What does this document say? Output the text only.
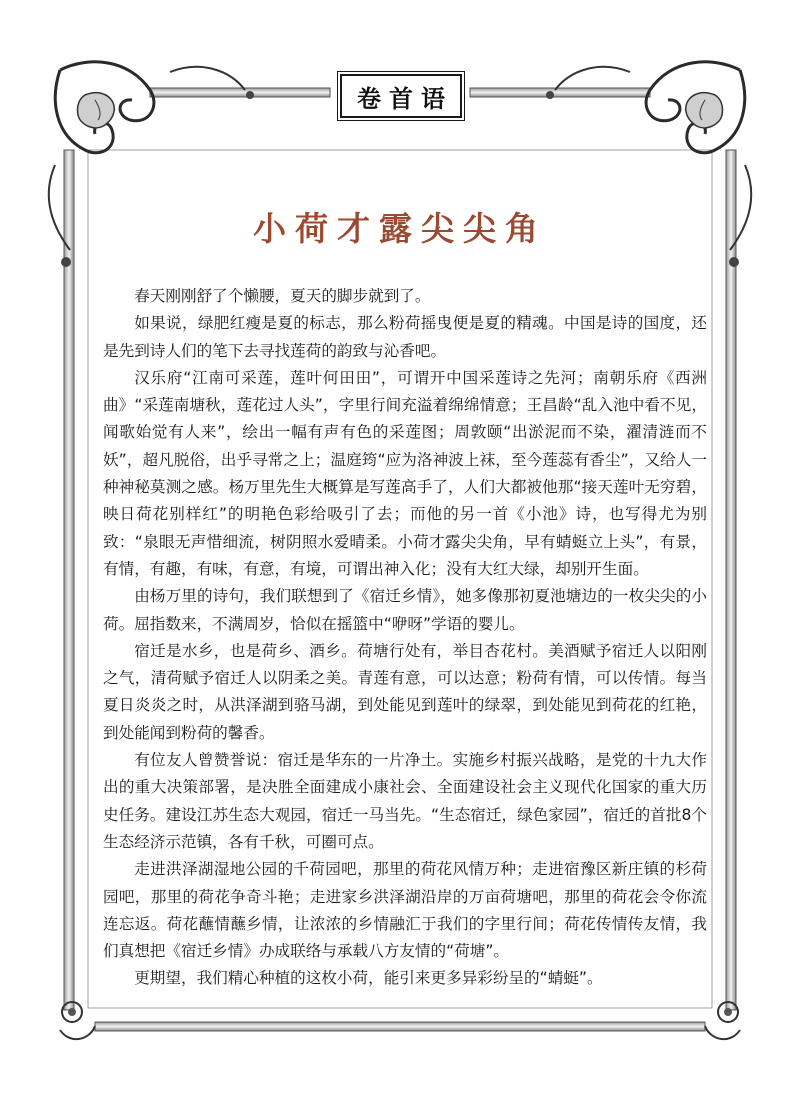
卷首语
小荷才露尖尖角

春天刚刚舒了个懒腰，夏天的脚步就到了。

如果说，绿肥红瘦是夏的标志，那么粉荷摇曳便是夏的精魂。中国是诗的国度，还是先到诗人们的笔下去寻找莲荷的韵致与沁香吧。

汉乐府“江南可采莲，莲叶何田田”，可谓开中国采莲诗之先河；南朝乐府《西洲曲》“采莲南塘秋，莲花过人头”，字里行间充溢着绵绵情意；王昌龄“乱入池中看不见，闻歌始觉有人来”，绘出一幅有声有色的采莲图；周敦颐“出淤泥而不染，濯清涟而不妖”，超凡脱俗，出乎寻常之上；温庭筠“应为洛神波上袜，至今莲蕊有香尘”，又给人一种神秘莫测之感。杨万里先生大概算是写莲高手了，人们大都被他那“接天莲叶无穷碧，映日荷花别样红”的明艳色彩给吸引了去；而他的另一首《小池》诗，也写得尤为别致：“泉眼无声惜细流，树阴照水爱晴柔。小荷才露尖尖角，早有蜻蜓立上头”，有景，有情，有趣，有味，有意，有境，可谓出神入化；没有大红大绿，却别开生面。

由杨万里的诗句，我们联想到了《宿迁乡情》，她多像那初夏池塘边的一枚尖尖的小荷。屈指数来，不满周岁，恰似在摇篮中“咿呀”学语的婴儿。

宿迁是水乡，也是荷乡、酒乡。荷塘行处有，举目杏花村。美酒赋予宿迁人以阳刚之气，清荷赋予宿迁人以阴柔之美。青莲有意，可以达意；粉荷有情，可以传情。每当夏日炎炎之时，从洪泽湖到骆马湖，到处能见到莲叶的绿翠，到处能见到荷花的红艳，到处能闻到粉荷的馨香。

有位友人曾赞誉说：宿迁是华东的一片净土。实施乡村振兴战略，是党的十九大作出的重大决策部署，是决胜全面建成小康社会、全面建设社会主义现代化国家的重大历史任务。建设江苏生态大观园，宿迁一马当先。“生态宿迁，绿色家园”，宿迁的首批8个生态经济示范镇，各有千秋，可圈可点。

走进洪泽湖湿地公园的千荷园吧，那里的荷花风情万种；走进宿豫区新庄镇的杉荷园吧，那里的荷花争奇斗艳；走进家乡洪泽湖沿岸的万亩荷塘吧，那里的荷花会令你流连忘返。荷花蘸情蘸乡情，让浓浓的乡情融汇于我们的字里行间；荷花传情传友情，我们真想把《宿迁乡情》办成联络与承载八方友情的“荷塘”。

更期望，我们精心种植的这枚小荷，能引来更多异彩纷呈的“蜻蜓”。
